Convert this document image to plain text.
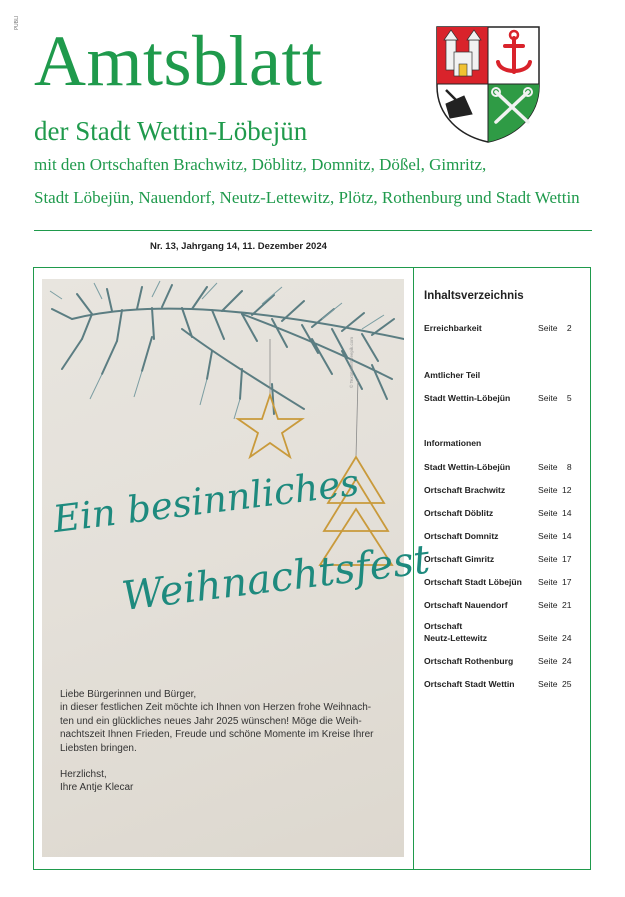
PUBLI Amtsblatt
der Stadt Wettin-Löbejün

mit den Ortschaften Brachwitz, Döblitz, Domnitz, Dößel, Gimritz,

Stadt Löbejün, Nauendorf, Neutz-Lettewitz, Plötz, Rothenburg und Stadt Wettin

Nr. 13, Jahrgang 14, 11. Dezember 2024
© Textatelier/Freepik.com
Ein besinnliches
Weihnachtsfest

Liebe Bürgerinnen und Bürger,

in dieser festlichen Zeit möchte ich Ihnen von Herzen frohe Weihnach-

ten und ein glückliches neues Jahr 2025 wünschen! Möge die Weih-

nachtszeit Ihnen Frieden, Freude und schöne Momente im Kreise Ihrer

Liebsten bringen.

Herzlichst,

Ihre Antje Klecar

Inhaltsverzeichnis
Erreichbarkeit	Seite 2
Amtlicher Teil
Stadt Wettin-Löbejün	Seite 5
Informationen
Stadt Wettin-Löbejün	Seite 8
Ortschaft Brachwitz	Seite 12
Ortschaft Döblitz	Seite 14
Ortschaft Domnitz	Seite 14
Ortschaft Gimritz	Seite 17
Ortschaft Stadt Löbejün Seite 17
Ortschaft Nauendorf	Seite 21
Ortschaft
Neutz-Lettewitz	Seite 24
Ortschaft Rothenburg	Seite 24
Ortschaft Stadt Wettin	Seite 25
